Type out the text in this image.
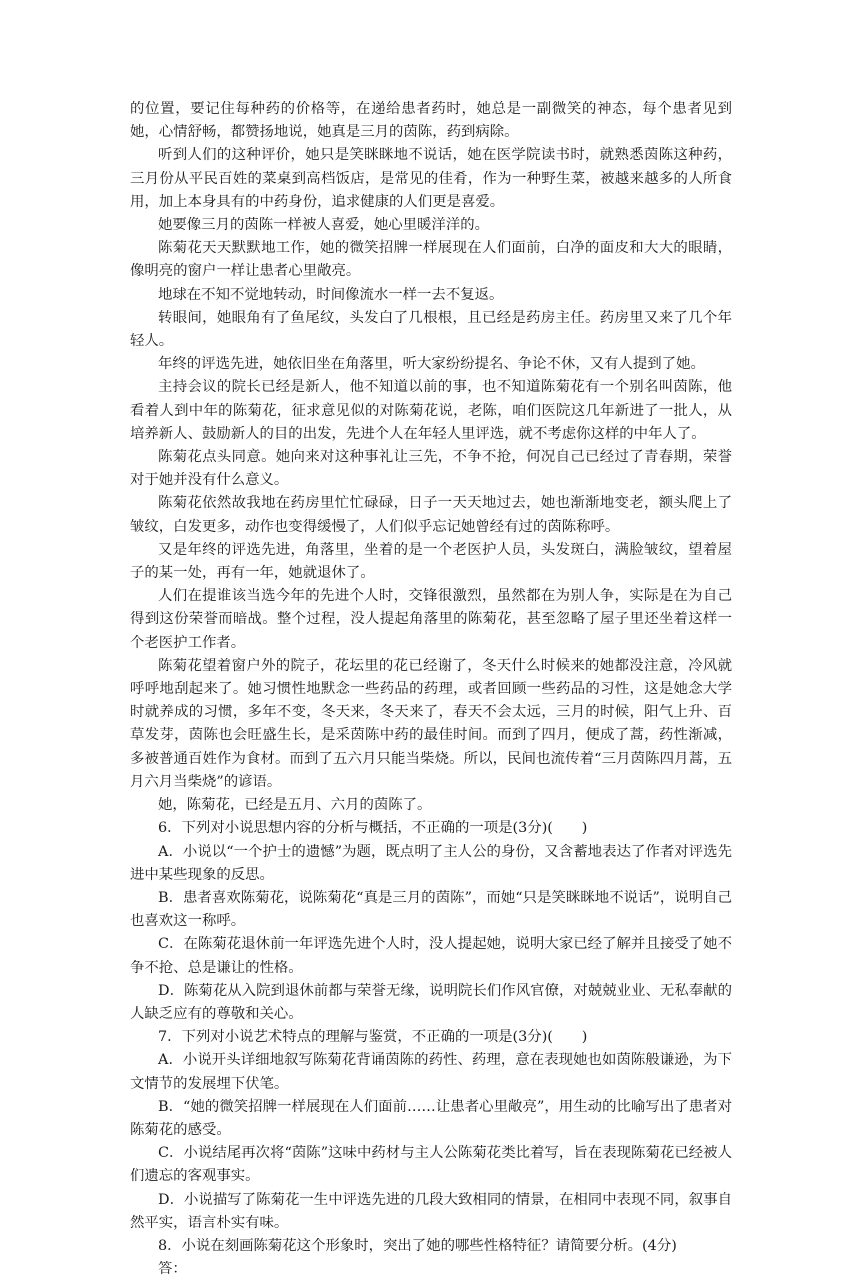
的位置，要记住每种药的价格等，在递给患者药时，她总是一副微笑的神态，每个患者见到她，心情舒畅，都赞扬地说，她真是三月的茵陈，药到病除。

听到人们的这种评价，她只是笑眯眯地不说话，她在医学院读书时，就熟悉茵陈这种药，三月份从平民百姓的菜桌到高档饭店，是常见的佳肴，作为一种野生菜，被越来越多的人所食用，加上本身具有的中药身份，追求健康的人们更是喜爱。

她要像三月的茵陈一样被人喜爱，她心里暖洋洋的。

陈菊花天天默默地工作，她的微笑招牌一样展现在人们面前，白净的面皮和大大的眼睛，像明亮的窗户一样让患者心里敞亮。

地球在不知不觉地转动，时间像流水一样一去不复返。

转眼间，她眼角有了鱼尾纹，头发白了几根根，且已经是药房主任。药房里又来了几个年轻人。

年终的评选先进，她依旧坐在角落里，听大家纷纷提名、争论不休，又有人提到了她。

主持会议的院长已经是新人，他不知道以前的事，也不知道陈菊花有一个别名叫茵陈，他看着人到中年的陈菊花，征求意见似的对陈菊花说，老陈，咱们医院这几年新进了一批人，从培养新人、鼓励新人的目的出发，先进个人在年轻人里评选，就不考虑你这样的中年人了。

陈菊花点头同意。她向来对这种事礼让三先，不争不抢，何况自己已经过了青春期，荣誉对于她并没有什么意义。

陈菊花依然故我地在药房里忙忙碌碌，日子一天天地过去，她也渐渐地变老，额头爬上了皱纹，白发更多，动作也变得缓慢了，人们似乎忘记她曾经有过的茵陈称呼。

又是年终的评选先进，角落里，坐着的是一个老医护人员，头发斑白，满脸皱纹，望着屋子的某一处，再有一年，她就退休了。

人们在提谁该当选今年的先进个人时，交锋很激烈，虽然都在为别人争，实际是在为自己得到这份荣誉而暗战。整个过程，没人提起角落里的陈菊花，甚至忽略了屋子里还坐着这样一个老医护工作者。

陈菊花望着窗户外的院子，花坛里的花已经谢了，冬天什么时候来的她都没注意，冷风就呼呼地刮起来了。她习惯性地默念一些药品的药理，或者回顾一些药品的习性，这是她念大学时就养成的习惯，多年不变，冬天来，冬天来了，春天不会太远，三月的时候，阳气上升、百草发芽，茵陈也会旺盛生长，是采茵陈中药的最佳时间。而到了四月，便成了蒿，药性渐减，多被普通百姓作为食材。而到了五六月只能当柴烧。所以，民间也流传着“三月茵陈四月蒿，五月六月当柴烧”的谚语。

她，陈菊花，已经是五月、六月的茵陈了。

6．下列对小说思想内容的分析与概括，不正确的一项是(3分)(　　)

A．小说以“一个护士的遗憾”为题，既点明了主人公的身份，又含蓄地表达了作者对评选先进中某些现象的反思。

B．患者喜欢陈菊花，说陈菊花“真是三月的茵陈”，而她“只是笑眯眯地不说话”，说明自己也喜欢这一称呼。

C．在陈菊花退休前一年评选先进个人时，没人提起她，说明大家已经了解并且接受了她不争不抢、总是谦让的性格。

D．陈菊花从入院到退休前都与荣誉无缘，说明院长们作风官僚，对兢兢业业、无私奉献的人缺乏应有的尊敬和关心。

7．下列对小说艺术特点的理解与鉴赏，不正确的一项是(3分)(　　)

A．小说开头详细地叙写陈菊花背诵茵陈的药性、药理，意在表现她也如茵陈般谦逊，为下文情节的发展埋下伏笔。

B．“她的微笑招牌一样展现在人们面前……让患者心里敞亮”，用生动的比喻写出了患者对陈菊花的感受。

C．小说结尾再次将“茵陈”这味中药材与主人公陈菊花类比着写，旨在表现陈菊花已经被人们遗忘的客观事实。

D．小说描写了陈菊花一生中评选先进的几段大致相同的情景，在相同中表现不同，叙事自然平实，语言朴实有味。

8．小说在刻画陈菊花这个形象时，突出了她的哪些性格特征？请简要分析。(4分)

答：
